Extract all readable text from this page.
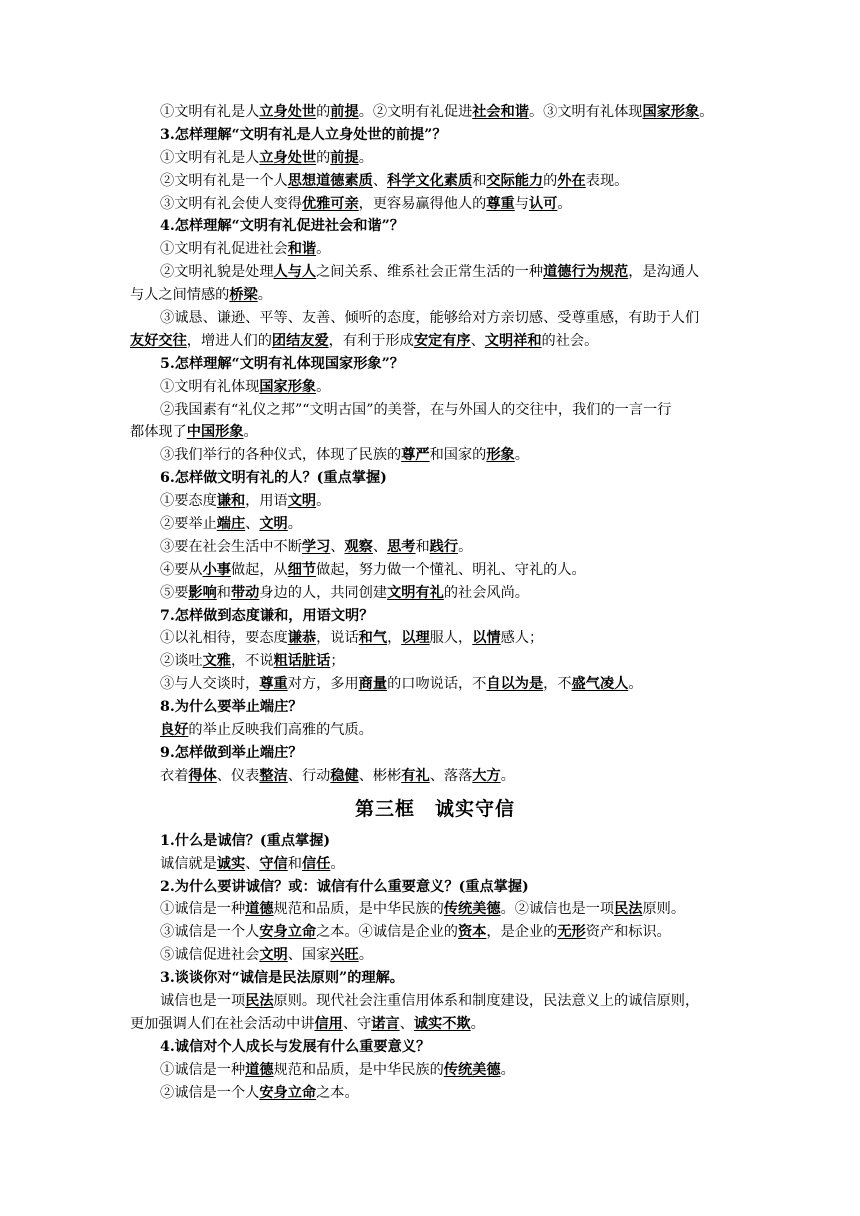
①文明有礼是人立身处世的前提。②文明有礼促进社会和谐。③文明有礼体现国家形象。
3.怎样理解“文明有礼是人立身处世的前提”？
①文明有礼是人立身处世的前提。
②文明有礼是一个人思想道德素质、科学文化素质和交际能力的外在表现。
③文明有礼会使人变得优雅可亲，更容易赢得他人的尊重与认可。
4.怎样理解“文明有礼促进社会和谐”？
①文明有礼促进社会和谐。
②文明礼貌是处理人与人之间关系、维系社会正常生活的一种道德行为规范，是沟通人
与人之间情感的桥梁。
③诚恳、谦逊、平等、友善、倾听的态度，能够给对方亲切感、受尊重感，有助于人们
友好交往，增进人们的团结友爱，有利于形成安定有序、文明祥和的社会。
5.怎样理解“文明有礼体现国家形象”？
①文明有礼体现国家形象。
②我国素有“礼仪之邦”“文明古国”的美誉，在与外国人的交往中，我们的一言一行
都体现了中国形象。
③我们举行的各种仪式，体现了民族的尊严和国家的形象。
6.怎样做文明有礼的人？(重点掌握)
①要态度谦和，用语文明。
②要举止端庄、文明。
③要在社会生活中不断学习、观察、思考和践行。
④要从小事做起，从细节做起，努力做一个懂礼、明礼、守礼的人。
⑤要影响和带动身边的人，共同创建文明有礼的社会风尚。
7.怎样做到态度谦和，用语文明？
①以礼相待，要态度谦恭，说话和气，以理服人，以情感人；
②谈吐文雅，不说粗话脏话；
③与人交谈时，尊重对方，多用商量的口吻说话，不自以为是，不盛气凌人。
8.为什么要举止端庄？
良好的举止反映我们高雅的气质。
9.怎样做到举止端庄？
衣着得体、仪表整洁、行动稳健、彬彬有礼、落落大方。
第三框　诚实守信
1.什么是诚信？(重点掌握)
诚信就是诚实、守信和信任。
2.为什么要讲诚信？或：诚信有什么重要意义？(重点掌握)
①诚信是一种道德规范和品质，是中华民族的传统美德。②诚信也是一项民法原则。
③诚信是一个人安身立命之本。④诚信是企业的资本，是企业的无形资产和标识。
⑤诚信促进社会文明、国家兴旺。
3.谈谈你对“诚信是民法原则”的理解。
诚信也是一项民法原则。现代社会注重信用体系和制度建设，民法意义上的诚信原则，
更加强调人们在社会活动中讲信用、守诺言、诚实不欺。
4.诚信对个人成长与发展有什么重要意义？
①诚信是一种道德规范和品质，是中华民族的传统美德。
②诚信是一个人安身立命之本。
